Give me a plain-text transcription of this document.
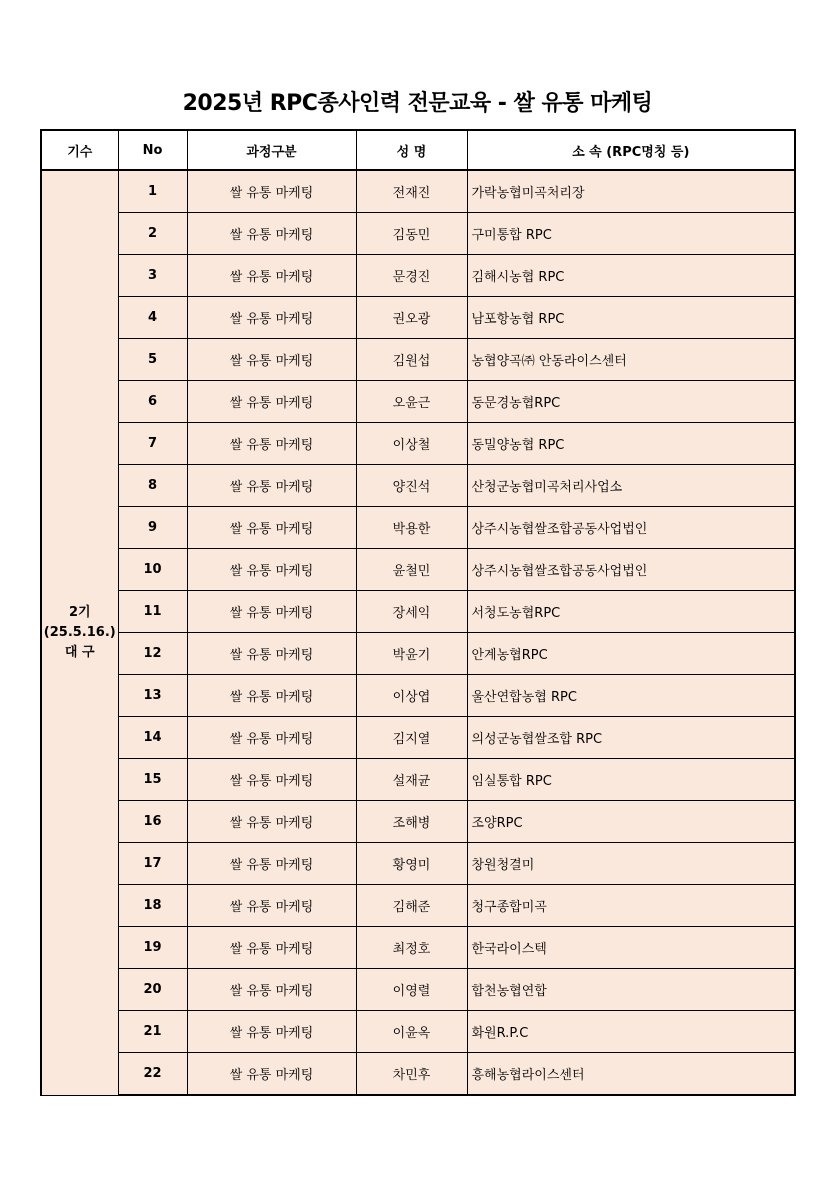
2025년 RPC종사인력 전문교육 - 쌀 유통 마케팅
기수	No	과정구분	성 명	소 속 (RPC명칭 등)

2기
(25.5.16.)
대 구	1	쌀 유통 마케팅	전재진	가락농협미곡처리장
	2	쌀 유통 마케팅	김동민	구미통합 RPC
	3	쌀 유통 마케팅	문경진	김해시농협 RPC
	4	쌀 유통 마케팅	권오광	남포항농협 RPC
	5	쌀 유통 마케팅	김원섭	농협양곡㈜ 안동라이스센터
	6	쌀 유통 마케팅	오윤근	동문경농협RPC
	7	쌀 유통 마케팅	이상철	동밀양농협 RPC
	8	쌀 유통 마케팅	양진석	산청군농협미곡처리사업소
	9	쌀 유통 마케팅	박용한	상주시농협쌀조합공동사업법인
	10	쌀 유통 마케팅	윤철민	상주시농협쌀조합공동사업법인
	11	쌀 유통 마케팅	장세익	서청도농협RPC
	12	쌀 유통 마케팅	박윤기	안계농협RPC
	13	쌀 유통 마케팅	이상엽	울산연합농협 RPC
	14	쌀 유통 마케팅	김지열	의성군농협쌀조합 RPC
	15	쌀 유통 마케팅	설재균	임실통합 RPC
	16	쌀 유통 마케팅	조해병	조양RPC
	17	쌀 유통 마케팅	황영미	창원청결미
	18	쌀 유통 마케팅	김해준	청구종합미곡
	19	쌀 유통 마케팅	최정호	한국라이스텍
	20	쌀 유통 마케팅	이영렬	합천농협연합
	21	쌀 유통 마케팅	이윤옥	화원R.P.C
	22	쌀 유통 마케팅	차민후	흥해농협라이스센터
